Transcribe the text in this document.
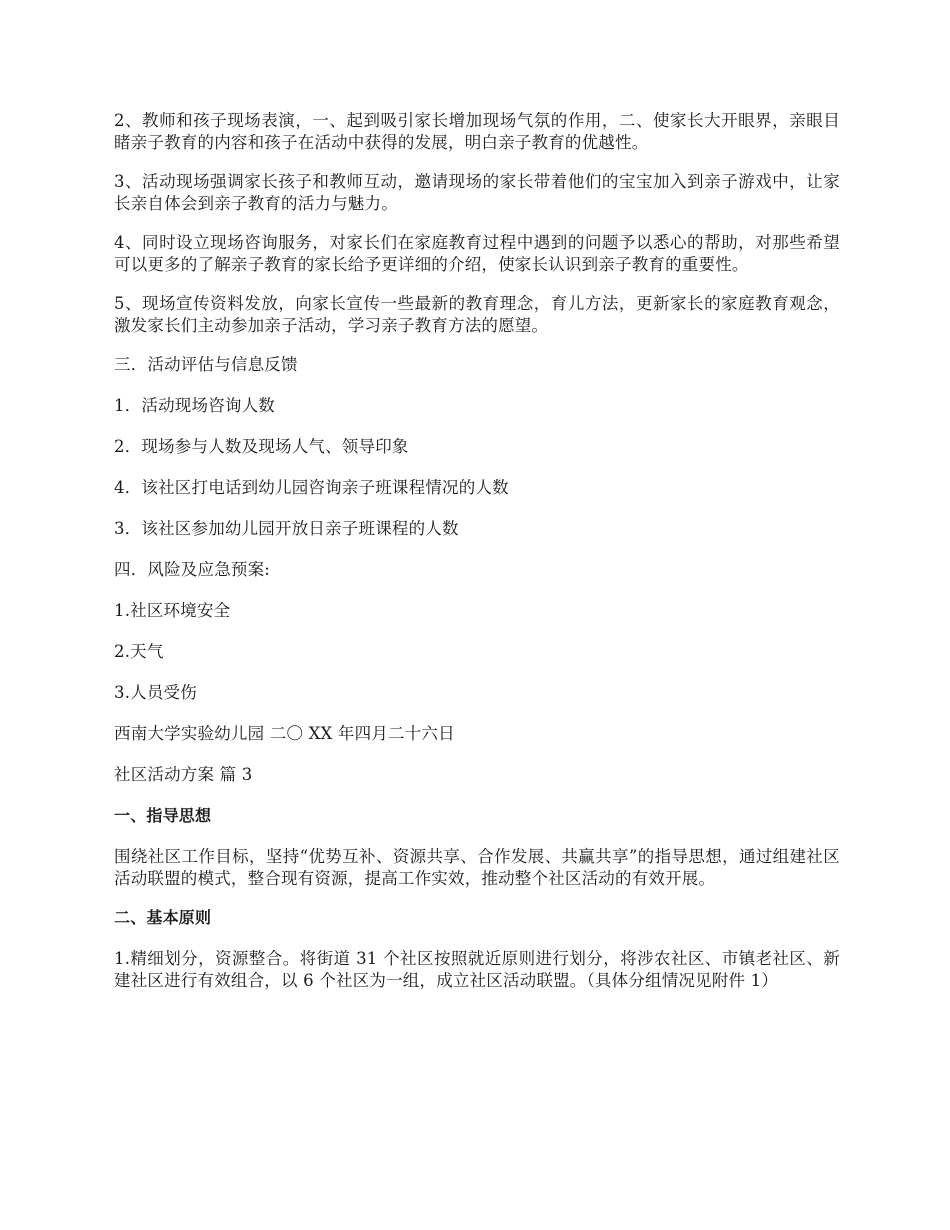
2、教师和孩子现场表演，一、起到吸引家长增加现场气氛的作用，二、使家长大开眼界，亲眼目睹亲子教育的内容和孩子在活动中获得的发展，明白亲子教育的优越性。

3、活动现场强调家长孩子和教师互动，邀请现场的家长带着他们的宝宝加入到亲子游戏中，让家长亲自体会到亲子教育的活力与魅力。

4、同时设立现场咨询服务，对家长们在家庭教育过程中遇到的问题予以悉心的帮助，对那些希望可以更多的了解亲子教育的家长给予更详细的介绍，使家长认识到亲子教育的重要性。

5、现场宣传资料发放，向家长宣传一些最新的教育理念，育儿方法，更新家长的家庭教育观念，激发家长们主动参加亲子活动，学习亲子教育方法的愿望。

三．活动评估与信息反馈

1．活动现场咨询人数

2．现场参与人数及现场人气、领导印象

4．该社区打电话到幼儿园咨询亲子班课程情况的人数

3．该社区参加幼儿园开放日亲子班课程的人数

四．风险及应急预案:

1.社区环境安全

2.天气

3.人员受伤

西南大学实验幼儿园 二〇 XX 年四月二十六日

社区活动方案 篇 3

一、指导思想

围绕社区工作目标，坚持“优势互补、资源共享、合作发展、共赢共享”的指导思想，通过组建社区活动联盟的模式，整合现有资源，提高工作实效，推动整个社区活动的有效开展。

二、基本原则

1.精细划分，资源整合。将街道 31 个社区按照就近原则进行划分，将涉农社区、市镇老社区、新建社区进行有效组合，以 6 个社区为一组，成立社区活动联盟。（具体分组情况见附件 1）
